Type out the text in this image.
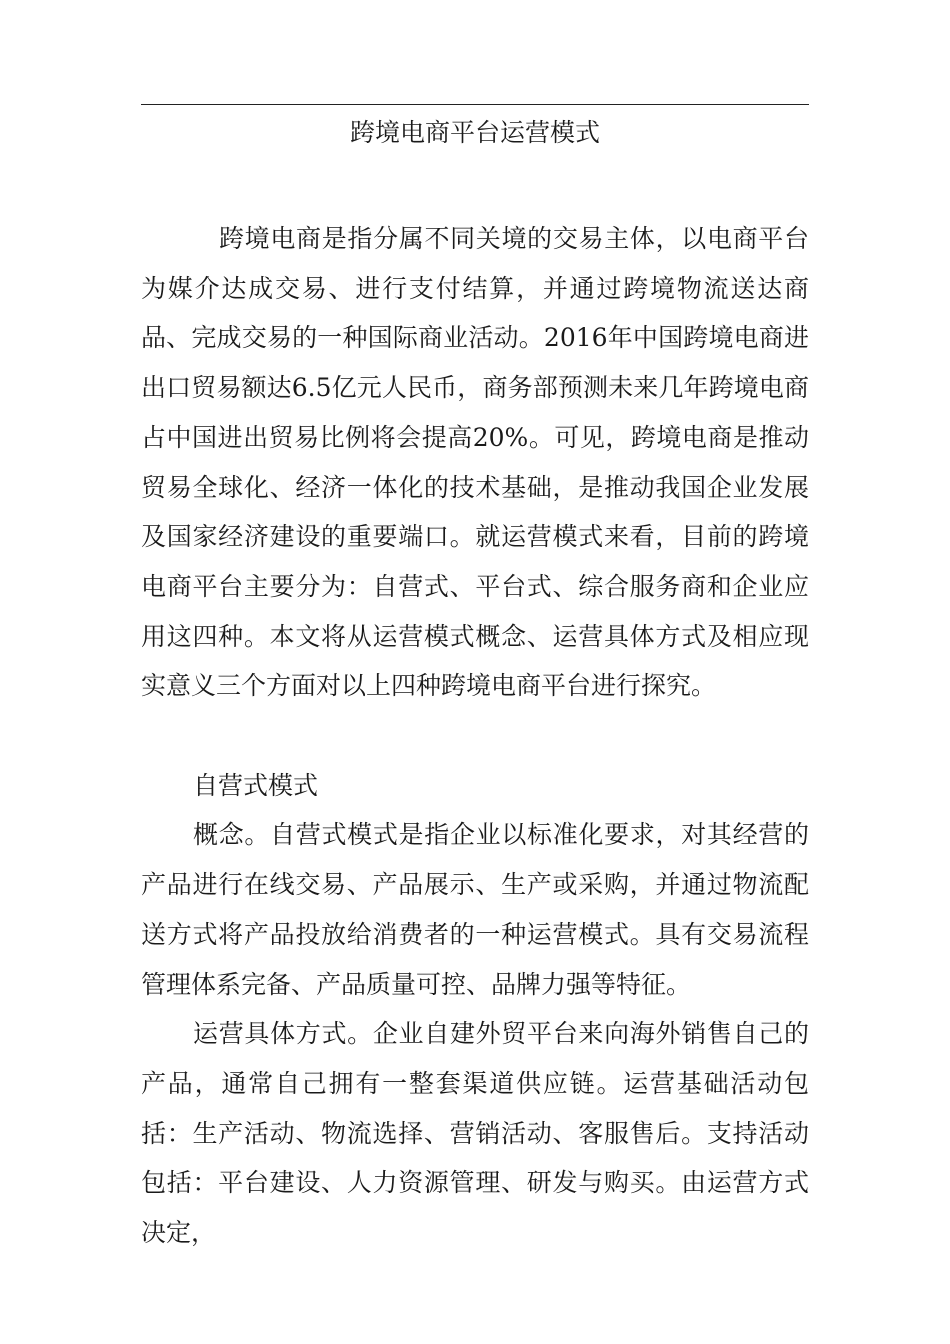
跨境电商平台运营模式

跨境电商是指分属不同关境的交易主体，以电商平台为媒介达成交易、进行支付结算，并通过跨境物流送达商品、完成交易的一种国际商业活动。2016年中国跨境电商进出口贸易额达6.5亿元人民币，商务部预测未来几年跨境电商占中国进出贸易比例将会提高20%。可见，跨境电商是推动贸易全球化、经济一体化的技术基础，是推动我国企业发展及国家经济建设的重要端口。就运营模式来看，目前的跨境电商平台主要分为：自营式、平台式、综合服务商和企业应用这四种。本文将从运营模式概念、运营具体方式及相应现实意义三个方面对以上四种跨境电商平台进行探究。

自营式模式

概念。自营式模式是指企业以标准化要求，对其经营的产品进行在线交易、产品展示、生产或采购，并通过物流配送方式将产品投放给消费者的一种运营模式。具有交易流程管理体系完备、产品质量可控、品牌力强等特征。

运营具体方式。企业自建外贸平台来向海外销售自己的产品，通常自己拥有一整套渠道供应链。运营基础活动包括：生产活动、物流选择、营销活动、客服售后。支持活动包括：平台建设、人力资源管理、研发与购买。由运营方式决定，
